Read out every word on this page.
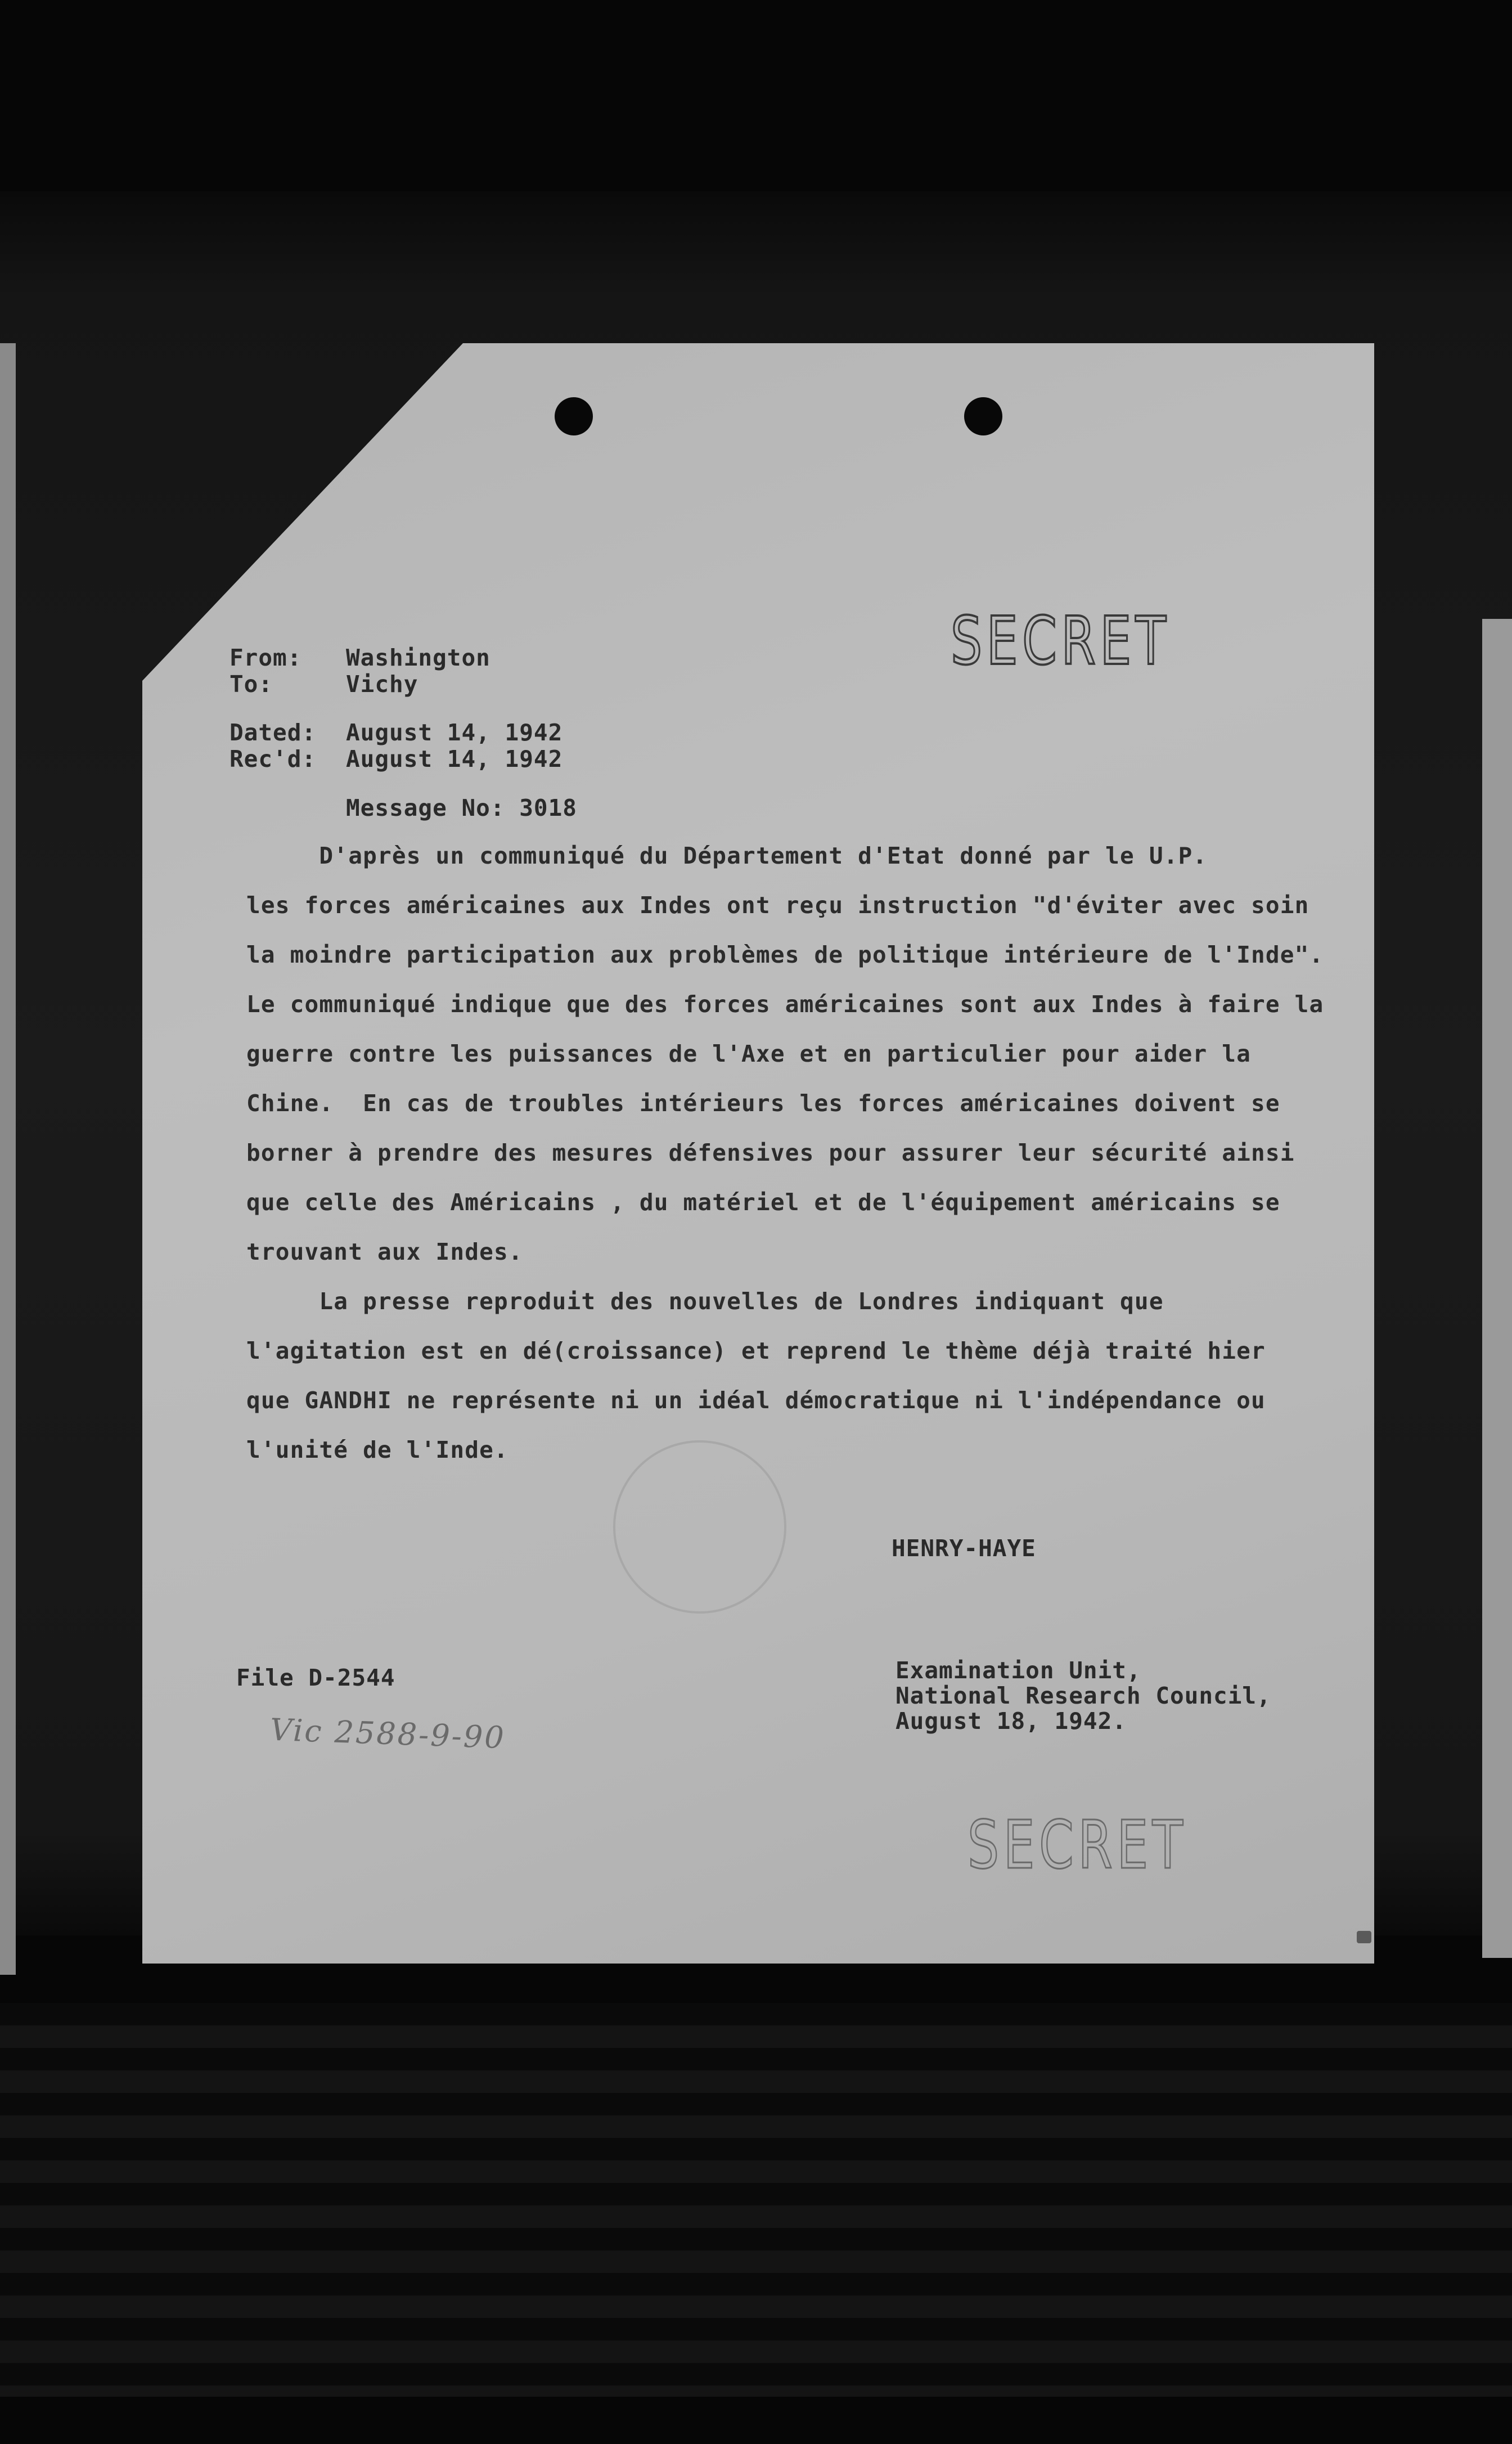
SECRET
From: Washington
To:	Vichy
Dated: August 14, 1942
Rec'd: August 14, 1942
Message No: 3018
D'après un communiqué du Département d'Etat donné par le U.P.
les forces américaines aux Indes ont reçu instruction "d'éviter avec soin
la moindre participation aux problèmes de politique intérieure de l'Inde".
Le communiqué indique que des forces américaines sont aux Indes à faire la
guerre contre les puissances de l'Axe et en particulier pour aider la
Chine.  En cas de troubles intérieurs les forces américaines doivent se
borner à prendre des mesures défensives pour assurer leur sécurité ainsi
que celle des Américains , du matériel et de l'équipement américains se
trouvant aux Indes.
La presse reproduit des nouvelles de Londres indiquant que
l'agitation est en dé(croissance) et reprend le thème déjà traité hier
que GANDHI ne représente ni un idéal démocratique ni l'indépendance ou
l'unité de l'Inde.
HENRY-HAYE
File D-2544	Examination Unit,
National Research Council,
August 18, 1942.
Vic 2588-9-90
SECRET
